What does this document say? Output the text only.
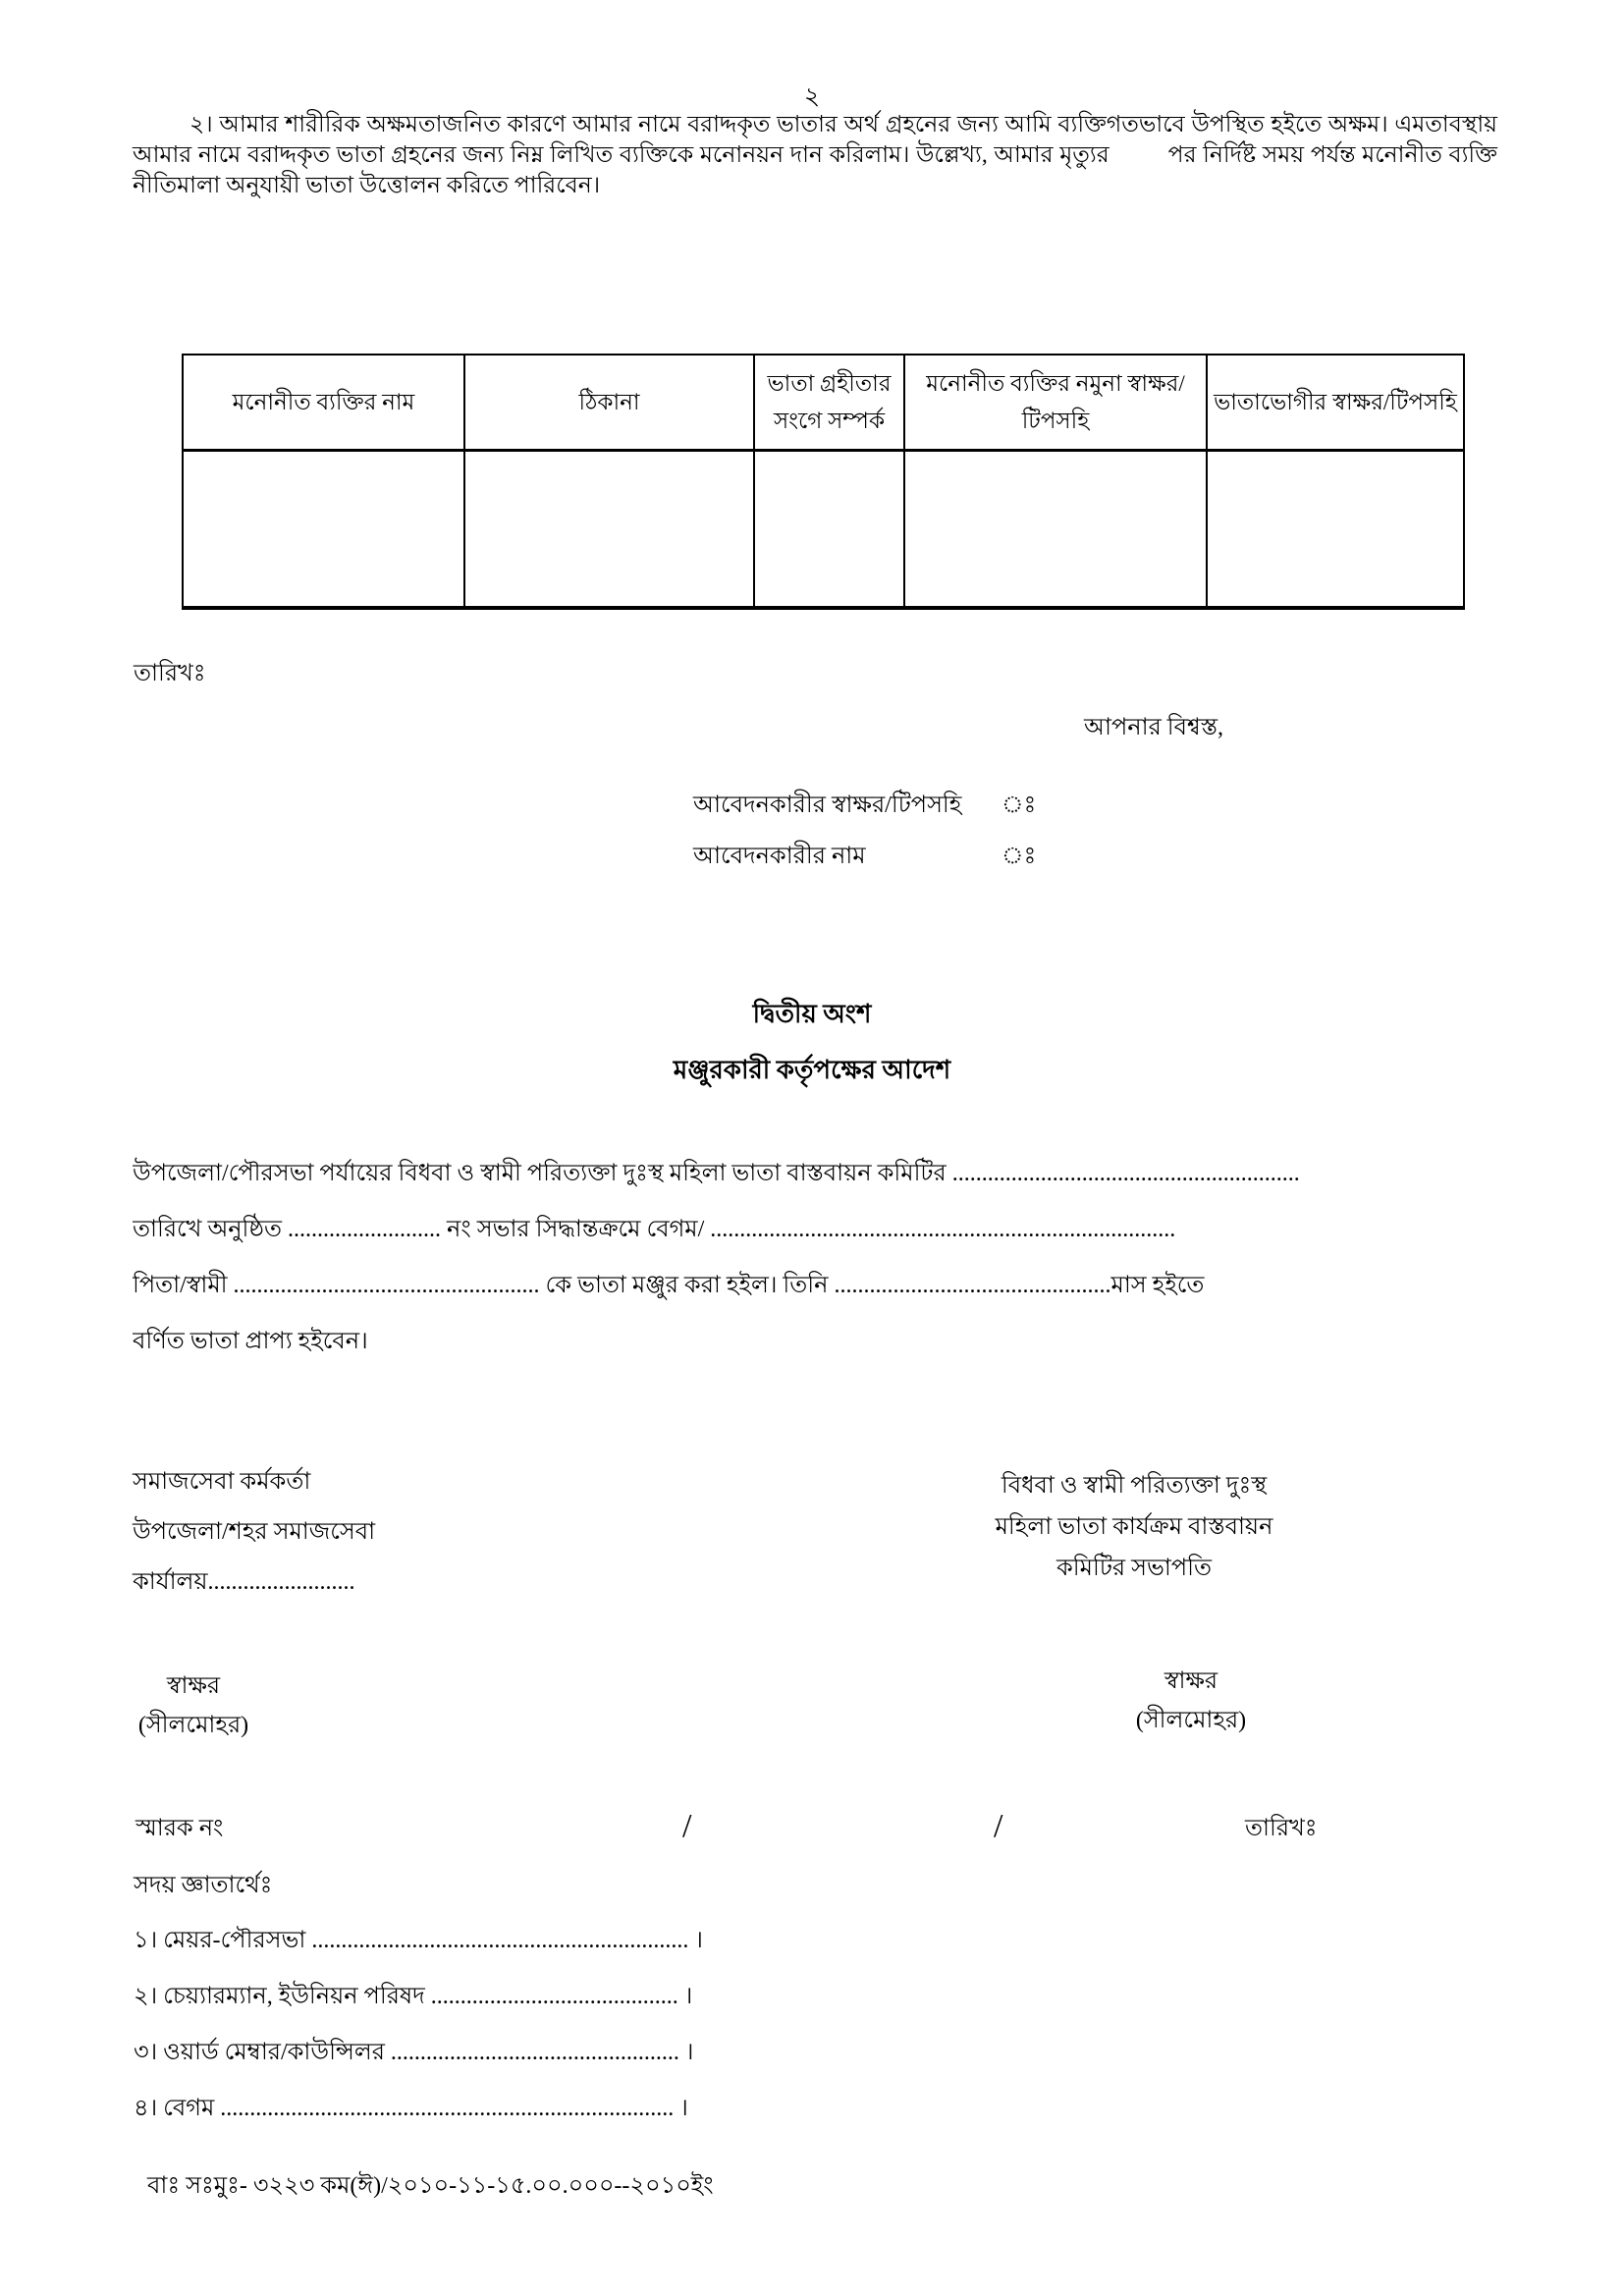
২
২। আমার শারীরিক অক্ষমতাজনিত কারণে আমার নামে বরাদ্দকৃত ভাতার অর্থ গ্রহনের জন্য আমি ব্যক্তিগতভাবে উপস্থিত হইতে অক্ষম। এমতাবস্থায় আমার নামে বরাদ্দকৃত ভাতা গ্রহনের জন্য নিম্ন লিখিত ব্যক্তিকে মনোনয়ন দান করিলাম। উল্লেখ্য, আমার মৃত্যুর         পর নির্দিষ্ট সময় পর্যন্ত মনোনীত ব্যক্তি নীতিমালা অনুযায়ী ভাতা উত্তোলন করিতে পারিবেন।
মনোনীত ব্যক্তির নাম	ঠিকানা	ভাতা গ্রহীতার সংগে সম্পর্ক	মনোনীত ব্যক্তির নমুনা স্বাক্ষর/টিপসহি	ভাতাভোগীর স্বাক্ষর/টিপসহি

তারিখঃ
আপনার বিশ্বস্ত,
আবেদনকারীর স্বাক্ষর/টিপসহি	ঃ
আবেদনকারীর নাম	ঃ
দ্বিতীয় অংশ
মঞ্জুরকারী কর্তৃপক্ষের আদেশ
উপজেলা/পৌরসভা পর্যায়ের বিধবা ও স্বামী পরিত্যক্তা দুঃস্থ মহিলা ভাতা বাস্তবায়ন কমিটির ...........................................................
তারিখে অনুষ্ঠিত .......................... নং সভার সিদ্ধান্তক্রমে বেগম/ ...............................................................................
পিতা/স্বামী .................................................... কে ভাতা মঞ্জুর করা হইল। তিনি ...............................................মাস হইতে
বর্ণিত ভাতা প্রাপ্য হইবেন।
সমাজসেবা কর্মকর্তা
উপজেলা/শহর সমাজসেবা
কার্যালয়.........................
বিধবা ও স্বামী পরিত্যক্তা দুঃস্থ
মহিলা ভাতা কার্যক্রম বাস্তবায়ন
কমিটির সভাপতি
স্বাক্ষর
(সীলমোহর)
স্বাক্ষর
(সীলমোহর)
স্মারক নং	/	/	তারিখঃ
সদয় জ্ঞাতার্থেঃ
১। মেয়র-পৌরসভা ................................................................ ।
২। চেয়্যারম্যান, ইউনিয়ন পরিষদ .......................................... ।
৩। ওয়ার্ড মেম্বার/কাউন্সিলর ................................................. ।
৪। বেগম ............................................................................. ।
বাঃ সঃমুঃ- ৩২২৩ কম(ঈ)/২০১০-১১-১৫.০০.০০০--২০১০ইং
